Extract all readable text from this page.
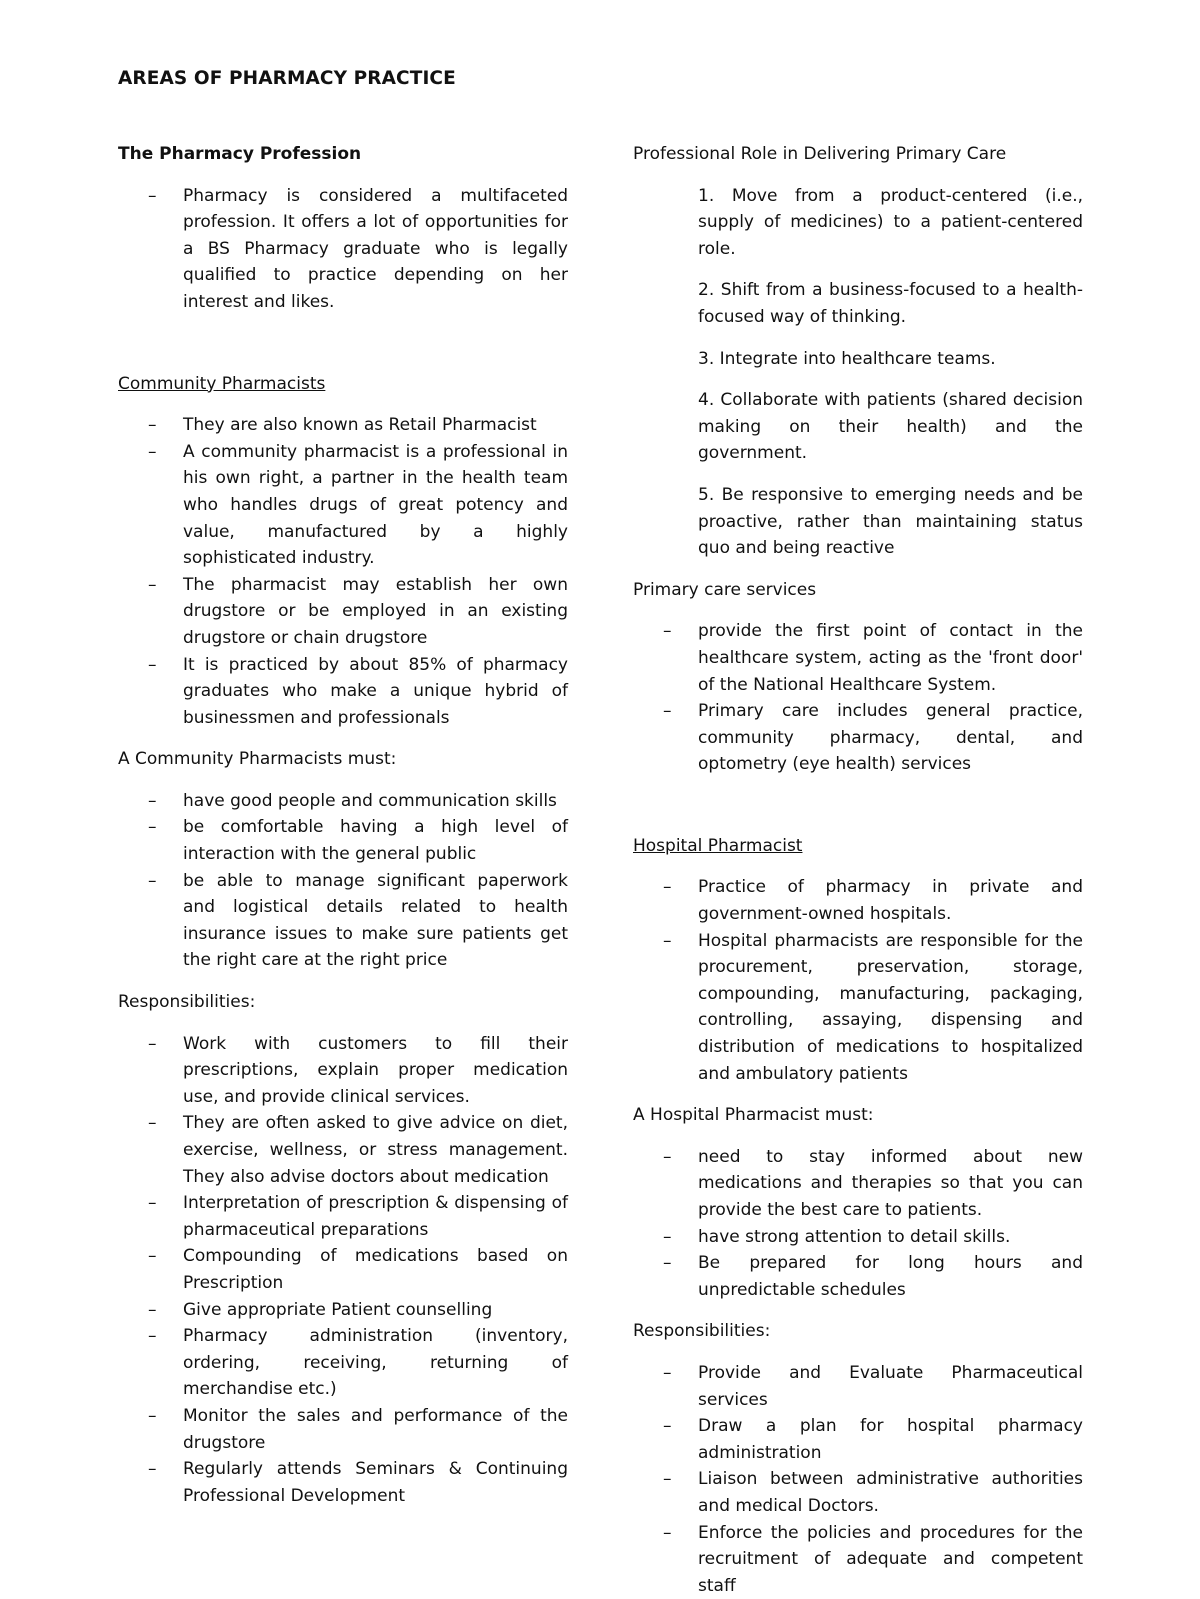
AREAS OF PHARMACY PRACTICE

The Pharmacy Profession

– Pharmacy is considered a multifaceted profession. It offers a lot of opportunities for a BS Pharmacy graduate who is legally qualified to practice depending on her interest and likes.

Community Pharmacists

– They are also known as Retail Pharmacist
– A community pharmacist is a professional in his own right, a partner in the health team who handles drugs of great potency and value, manufactured by a highly sophisticated industry.
– The pharmacist may establish her own drugstore or be employed in an existing drugstore or chain drugstore
– It is practiced by about 85% of pharmacy graduates who make a unique hybrid of businessmen and professionals

A Community Pharmacists must:

– have good people and communication skills
– be comfortable having a high level of interaction with the general public
– be able to manage significant paperwork and logistical details related to health insurance issues to make sure patients get the right care at the right price

Responsibilities:

– Work with customers to fill their prescriptions, explain proper medication use, and provide clinical services.
– They are often asked to give advice on diet, exercise, wellness, or stress management. They also advise doctors about medication
– Interpretation of prescription & dispensing of pharmaceutical preparations
– Compounding of medications based on Prescription
– Give appropriate Patient counselling
– Pharmacy administration (inventory, ordering, receiving, returning of merchandise etc.)
– Monitor the sales and performance of the drugstore
– Regularly attends Seminars & Continuing Professional Development

Professional Role in Delivering Primary Care

1. Move from a product-centered (i.e., supply of medicines) to a patient-centered role.
2. Shift from a business-focused to a health-focused way of thinking.
3. Integrate into healthcare teams.
4. Collaborate with patients (shared decision making on their health) and the government.
5. Be responsive to emerging needs and be proactive, rather than maintaining status quo and being reactive

Primary care services

– provide the first point of contact in the healthcare system, acting as the 'front door' of the National Healthcare System.
– Primary care includes general practice, community pharmacy, dental, and optometry (eye health) services

Hospital Pharmacist

– Practice of pharmacy in private and government-owned hospitals.
– Hospital pharmacists are responsible for the procurement, preservation, storage, compounding, manufacturing, packaging, controlling, assaying, dispensing and distribution of medications to hospitalized and ambulatory patients

A Hospital Pharmacist must:

– need to stay informed about new medications and therapies so that you can provide the best care to patients.
– have strong attention to detail skills.
– Be prepared for long hours and unpredictable schedules

Responsibilities:

– Provide and Evaluate Pharmaceutical services
– Draw a plan for hospital pharmacy administration
– Liaison between administrative authorities and medical Doctors.
– Enforce the policies and procedures for the recruitment of adequate and competent staff
